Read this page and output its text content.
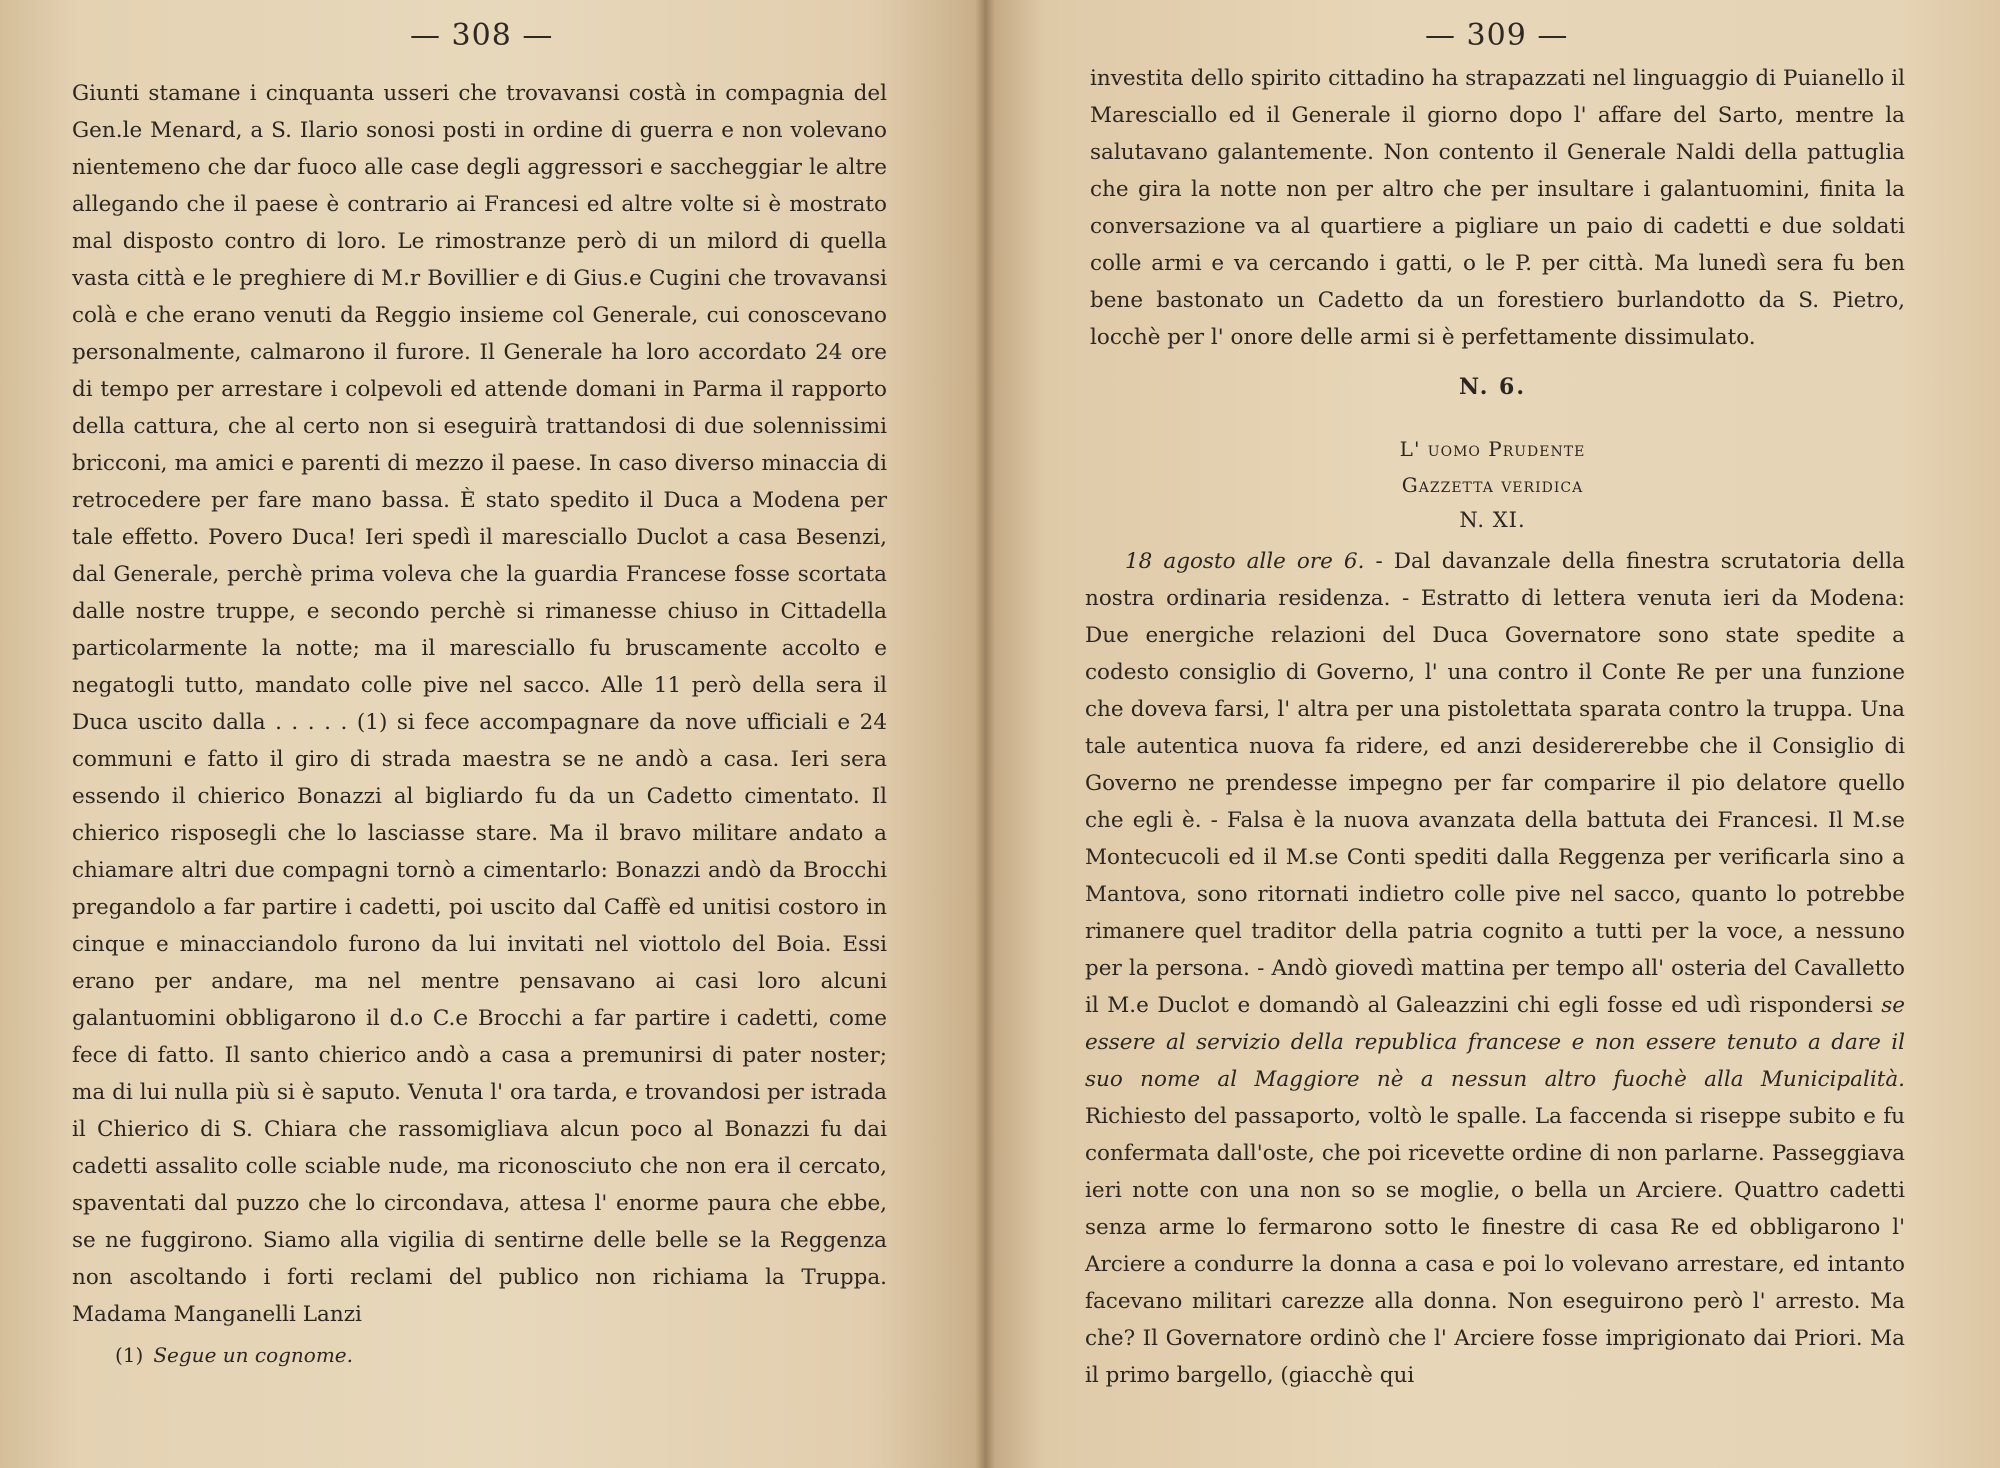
— 308 —

Giunti stamane i cinquanta usseri che trovavansi costà in compagnia del Gen.le Menard, a S. Ilario sonosi posti in ordine di guerra e non volevano nientemeno che dar fuoco alle case degli aggressori e saccheggiar le altre allegando che il paese è contrario ai Francesi ed altre volte si è mostrato mal disposto contro di loro. Le rimostranze però di un milord di quella vasta città e le preghiere di M.r Bovillier e di Gius.e Cugini che trovavansi colà e che erano venuti da Reggio insieme col Generale, cui conoscevano personalmente, calmarono il furore. Il Generale ha loro accordato 24 ore di tempo per arrestare i colpevoli ed attende domani in Parma il rapporto della cattura, che al certo non si eseguirà trattandosi di due solennissimi bricconi, ma amici e parenti di mezzo il paese. In caso diverso minaccia di retrocedere per fare mano bassa. È stato spedito il Duca a Modena per tale effetto. Povero Duca! Ieri spedì il maresciallo Duclot a casa Besenzi, dal Generale, perchè prima voleva che la guardia Francese fosse scortata dalle nostre truppe, e secondo perchè si rimanesse chiuso in Cittadella particolarmente la notte; ma il maresciallo fu bruscamente accolto e negatogli tutto, mandato colle pive nel sacco. Alle 11 però della sera il Duca uscito dalla . . . . . (1) si fece accompagnare da nove ufficiali e 24 communi e fatto il giro di strada maestra se ne andò a casa. Ieri sera essendo il chierico Bonazzi al bigliardo fu da un Cadetto cimentato. Il chierico risposegli che lo lasciasse stare. Ma il bravo militare andato a chiamare altri due compagni tornò a cimentarlo: Bonazzi andò da Brocchi pregandolo a far partire i cadetti, poi uscito dal Caffè ed unitisi costoro in cinque e minacciandolo furono da lui invitati nel viottolo del Boia. Essi erano per andare, ma nel mentre pensavano ai casi loro alcuni galantuomini obbligarono il d.o C.e Brocchi a far partire i cadetti, come fece di fatto. Il santo chierico andò a casa a premunirsi di pater noster; ma di lui nulla più si è saputo. Venuta l' ora tarda, e trovandosi per istrada il Chierico di S. Chiara che rassomigliava alcun poco al Bonazzi fu dai cadetti assalito colle sciable nude, ma riconosciuto che non era il cercato, spaventati dal puzzo che lo circondava, attesa l' enorme paura che ebbe, se ne fuggirono. Siamo alla vigilia di sentirne delle belle se la Reggenza non ascoltando i forti reclami del publico non richiama la Truppa. Madama Manganelli Lanzi

(1) Segue un cognome.
— 309 —

investita dello spirito cittadino ha strapazzati nel linguaggio di Puianello il Maresciallo ed il Generale il giorno dopo l' affare del Sarto, mentre la salutavano galantemente. Non contento il Generale Naldi della pattuglia che gira la notte non per altro che per insultare i galantuomini, finita la conversazione va al quartiere a pigliare un paio di cadetti e due soldati colle armi e va cercando i gatti, o le P. per città. Ma lunedì sera fu ben bene bastonato un Cadetto da un forestiero burlandotto da S. Pietro, locchè per l' onore delle armi si è perfettamente dissimulato.

N. 6.
L' uomo Prudente
Gazzetta veridica
N. XI.

18 agosto alle ore 6. - Dal davanzale della finestra scrutatoria della nostra ordinaria residenza. - Estratto di lettera venuta ieri da Modena: Due energiche relazioni del Duca Governatore sono state spedite a codesto consiglio di Governo, l' una contro il Conte Re per una funzione che doveva farsi, l' altra per una pistolettata sparata contro la truppa. Una tale autentica nuova fa ridere, ed anzi desidererebbe che il Consiglio di Governo ne prendesse impegno per far comparire il pio delatore quello che egli è. - Falsa è la nuova avanzata della battuta dei Francesi. Il M.se Montecucoli ed il M.se Conti spediti dalla Reggenza per verificarla sino a Mantova, sono ritornati indietro colle pive nel sacco, quanto lo potrebbe rimanere quel traditor della patria cognito a tutti per la voce, a nessuno per la persona. - Andò giovedì mattina per tempo all' osteria del Cavalletto il M.e Duclot e domandò al Galeazzini chi egli fosse ed udì rispondersi se essere al servizio della republica francese e non essere tenuto a dare il suo nome al Maggiore nè a nessun altro fuochè alla Municipalità. Richiesto del passaporto, voltò le spalle. La faccenda si riseppe subito e fu confermata dall'oste, che poi ricevette ordine di non parlarne. Passeggiava ieri notte con una non so se moglie, o bella un Arciere. Quattro cadetti senza arme lo fermarono sotto le finestre di casa Re ed obbligarono l' Arciere a condurre la donna a casa e poi lo volevano arrestare, ed intanto facevano militari carezze alla donna. Non eseguirono però l' arresto. Ma che? Il Governatore ordinò che l' Arciere fosse imprigionato dai Priori. Ma il primo bargello, (giacchè qui
